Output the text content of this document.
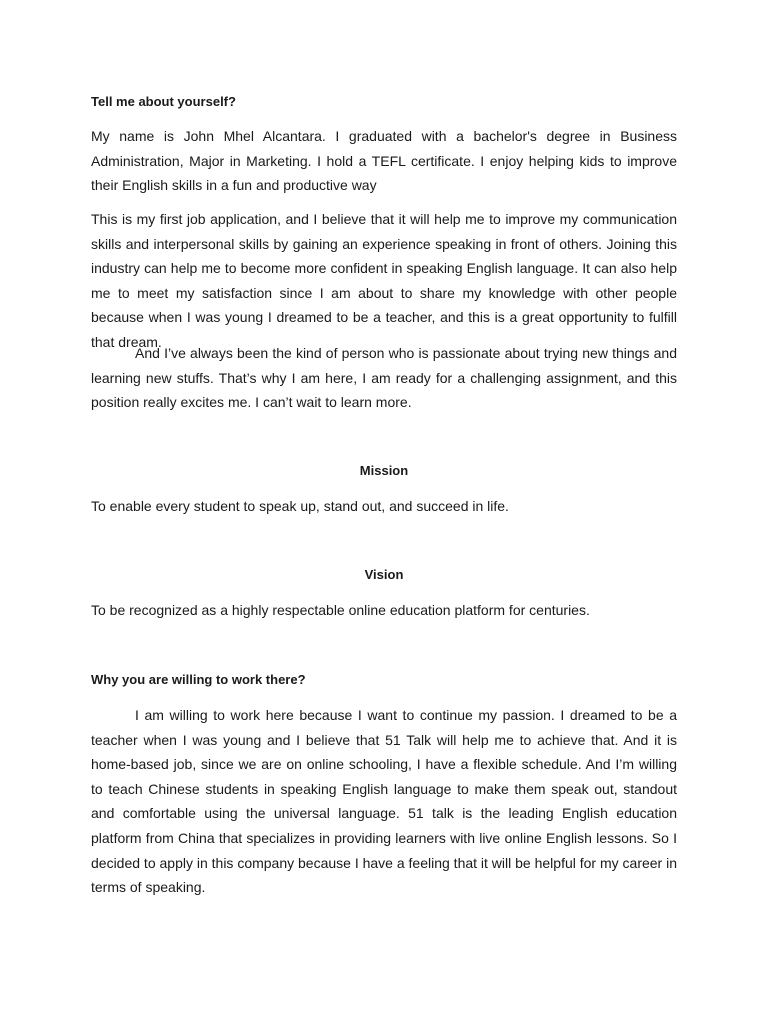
Tell me about yourself?

My name is John Mhel Alcantara. I graduated with a bachelor's degree in Business Administration, Major in Marketing. I hold a TEFL certificate. I enjoy helping kids to improve their English skills in a fun and productive way

This is my first job application, and I believe that it will help me to improve my communication skills and interpersonal skills by gaining an experience speaking in front of others. Joining this industry can help me to become more confident in speaking English language. It can also help me to meet my satisfaction since I am about to share my knowledge with other people because when I was young I dreamed to be a teacher, and this is a great opportunity to fulfill that dream.

And I’ve always been the kind of person who is passionate about trying new things and learning new stuffs. That’s why I am here, I am ready for a challenging assignment, and this position really excites me. I can’t wait to learn more.

Mission

To enable every student to speak up, stand out, and succeed in life.

Vision

To be recognized as a highly respectable online education platform for centuries.

Why you are willing to work there?

I am willing to work here because I want to continue my passion. I dreamed to be a teacher when I was young and I believe that 51 Talk will help me to achieve that. And it is home-based job, since we are on online schooling, I have a flexible schedule. And I’m willing to teach Chinese students in speaking English language to make them speak out, standout and comfortable using the universal language. 51 talk is the leading English education platform from China that specializes in providing learners with live online English lessons. So I decided to apply in this company because I have a feeling that it will be helpful for my career in terms of speaking.
